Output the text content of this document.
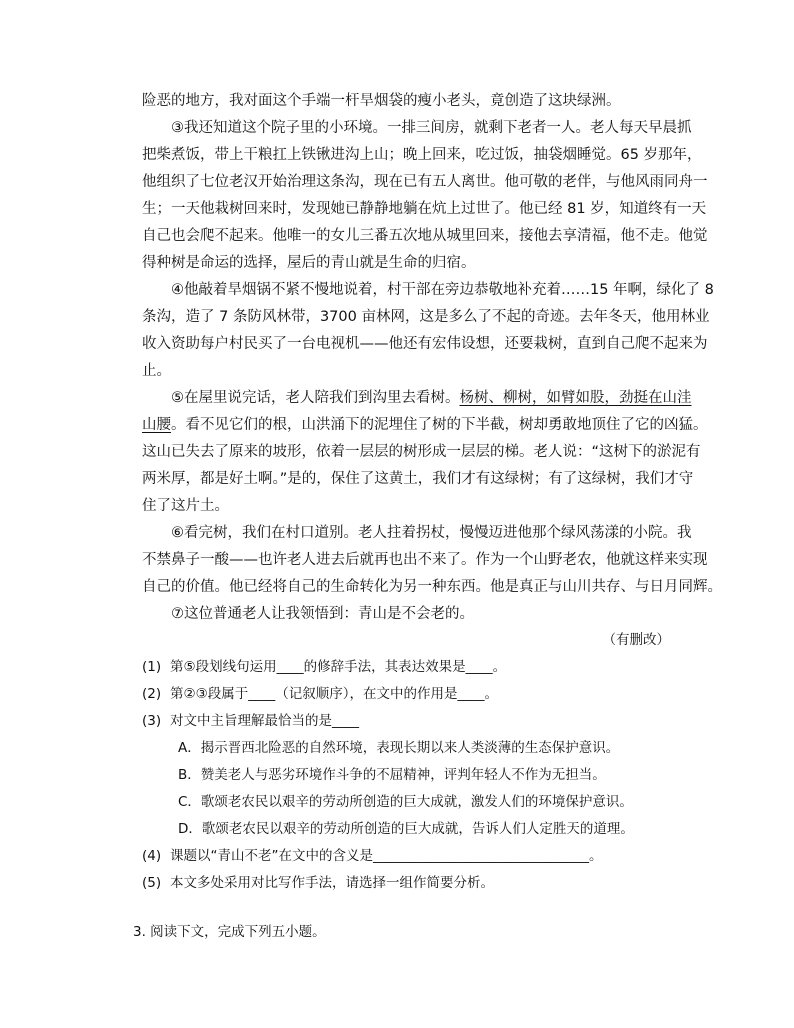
险恶的地方，我对面这个手端一杆旱烟袋的瘦小老头，竟创造了这块绿洲。
③我还知道这个院子里的小环境。一排三间房，就剩下老者一人。老人每天早晨抓
把柴煮饭，带上干粮扛上铁锹进沟上山；晚上回来，吃过饭，抽袋烟睡觉。65 岁那年，
他组织了七位老汉开始治理这条沟，现在已有五人离世。他可敬的老伴，与他风雨同舟一
生；一天他栽树回来时，发现她已静静地躺在炕上过世了。他已经 81 岁，知道终有一天
自己也会爬不起来。他唯一的女儿三番五次地从城里回来，接他去享清福，他不走。他觉
得种树是命运的选择，屋后的青山就是生命的归宿。
④他敲着旱烟锅不紧不慢地说着，村干部在旁边恭敬地补充着……15 年啊，绿化了 8
条沟，造了 7 条防风林带，3700 亩林网，这是多么了不起的奇迹。去年冬天，他用林业
收入资助每户村民买了一台电视机——他还有宏伟设想，还要栽树，直到自己爬不起来为
止。
⑤在屋里说完话，老人陪我们到沟里去看树。杨树、柳树，如臂如股，劲挺在山洼
山腰。看不见它们的根，山洪涌下的泥埋住了树的下半截，树却勇敢地顶住了它的凶猛。
这山已失去了原来的坡形，依着一层层的树形成一层层的梯。老人说：“这树下的淤泥有
两米厚，都是好土啊。”是的，保住了这黄土，我们才有这绿树；有了这绿树，我们才守
住了这片土。
⑥看完树，我们在村口道别。老人拄着拐杖，慢慢迈进他那个绿风荡漾的小院。我
不禁鼻子一酸——也许老人进去后就再也出不来了。作为一个山野老农，他就这样来实现
自己的价值。他已经将自己的生命转化为另一种东西。他是真正与山川共存、与日月同辉。
⑦这位普通老人让我领悟到：青山是不会老的。
（有删改）
(1) 第⑤段划线句运用____的修辞手法，其表达效果是____。
(2) 第②③段属于____（记叙顺序），在文中的作用是____。
(3) 对文中主旨理解最恰当的是____
A．揭示晋西北险恶的自然环境，表现长期以来人类淡薄的生态保护意识。
B．赞美老人与恶劣环境作斗争的不屈精神，评判年轻人不作为无担当。
C．歌颂老农民以艰辛的劳动所创造的巨大成就，激发人们的环境保护意识。
D．歌颂老农民以艰辛的劳动所创造的巨大成就，告诉人们人定胜天的道理。
(4) 课题以“青山不老”在文中的含义是________________________________。
(5) 本文多处采用对比写作手法，请选择一组作简要分析。
3. 阅读下文，完成下列五小题。
